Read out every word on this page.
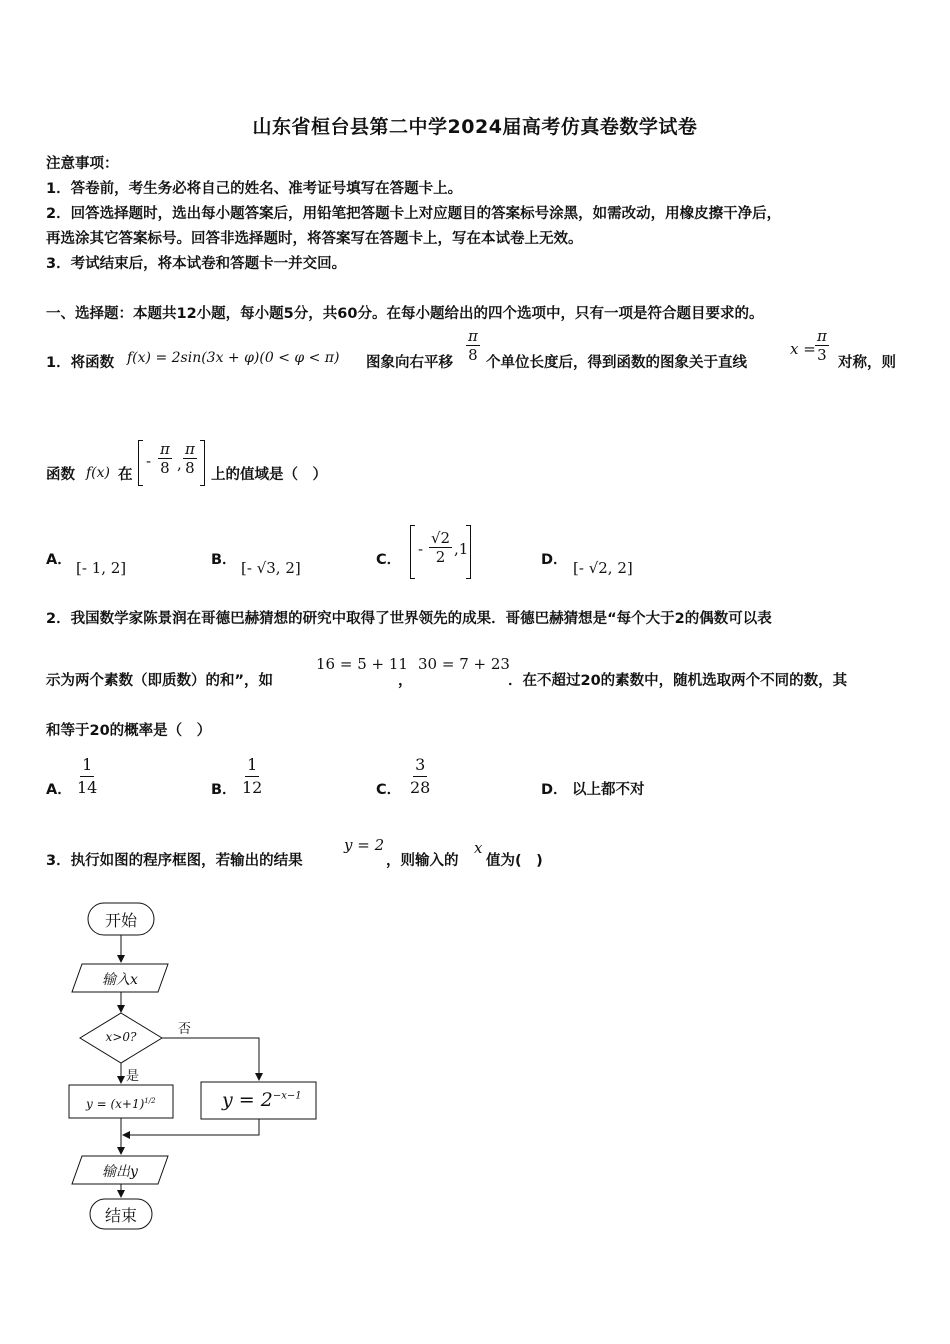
山东省桓台县第二中学2024届高考仿真卷数学试卷
注意事项：
1．答卷前，考生务必将自己的姓名、准考证号填写在答题卡上。
2．回答选择题时，选出每小题答案后，用铅笔把答题卡上对应题目的答案标号涂黑，如需改动，用橡皮擦干净后，
再选涂其它答案标号。回答非选择题时，将答案写在答题卡上，写在本试卷上无效。
3．考试结束后，将本试卷和答题卡一并交回。
一、选择题：本题共12小题，每小题5分，共60分。在每小题给出的四个选项中，只有一项是符合题目要求的。
1．将函数 f(x) = 2sin(3x + φ)(0 < φ < π) 图象向右平移 $\frac{\pi}{8}$ 个单位长度后，得到函数的图象关于直线
$x = \frac{\pi}{3}$ 对称，则
函数 f(x) 在
- $\frac{\pi}{8}$ , $\frac{\pi}{8}$ 上的值域是（　）
A． [- 1, 2]	B． [- √3, 2]	C．
- $\frac{√2}{2} ,1$
D． [- √2, 2]
2．我国数学家陈景润在哥德巴赫猜想的研究中取得了世界领先的成果．哥德巴赫猜想是“每个大于2的偶数可以表
示为两个素数（即质数）的和”，如
16 = 5 + 11
，
30 = 7 + 23
．在不超过20的素数中，随机选取两个不同的数，其
和等于20的概率是（　）
A． $\frac{1}{14}$	B． $\frac{1}{12}$	C． $\frac{3}{28}$	D． 以上都不对
3．执行如图的程序框图，若输出的结果
y = 2
，则输入的
x
值为(　)
开始
输入x
x>0?	否
是
$y = (x+1)^{1/2}$	$y = 2^{-x-1}$
输出y
结束
